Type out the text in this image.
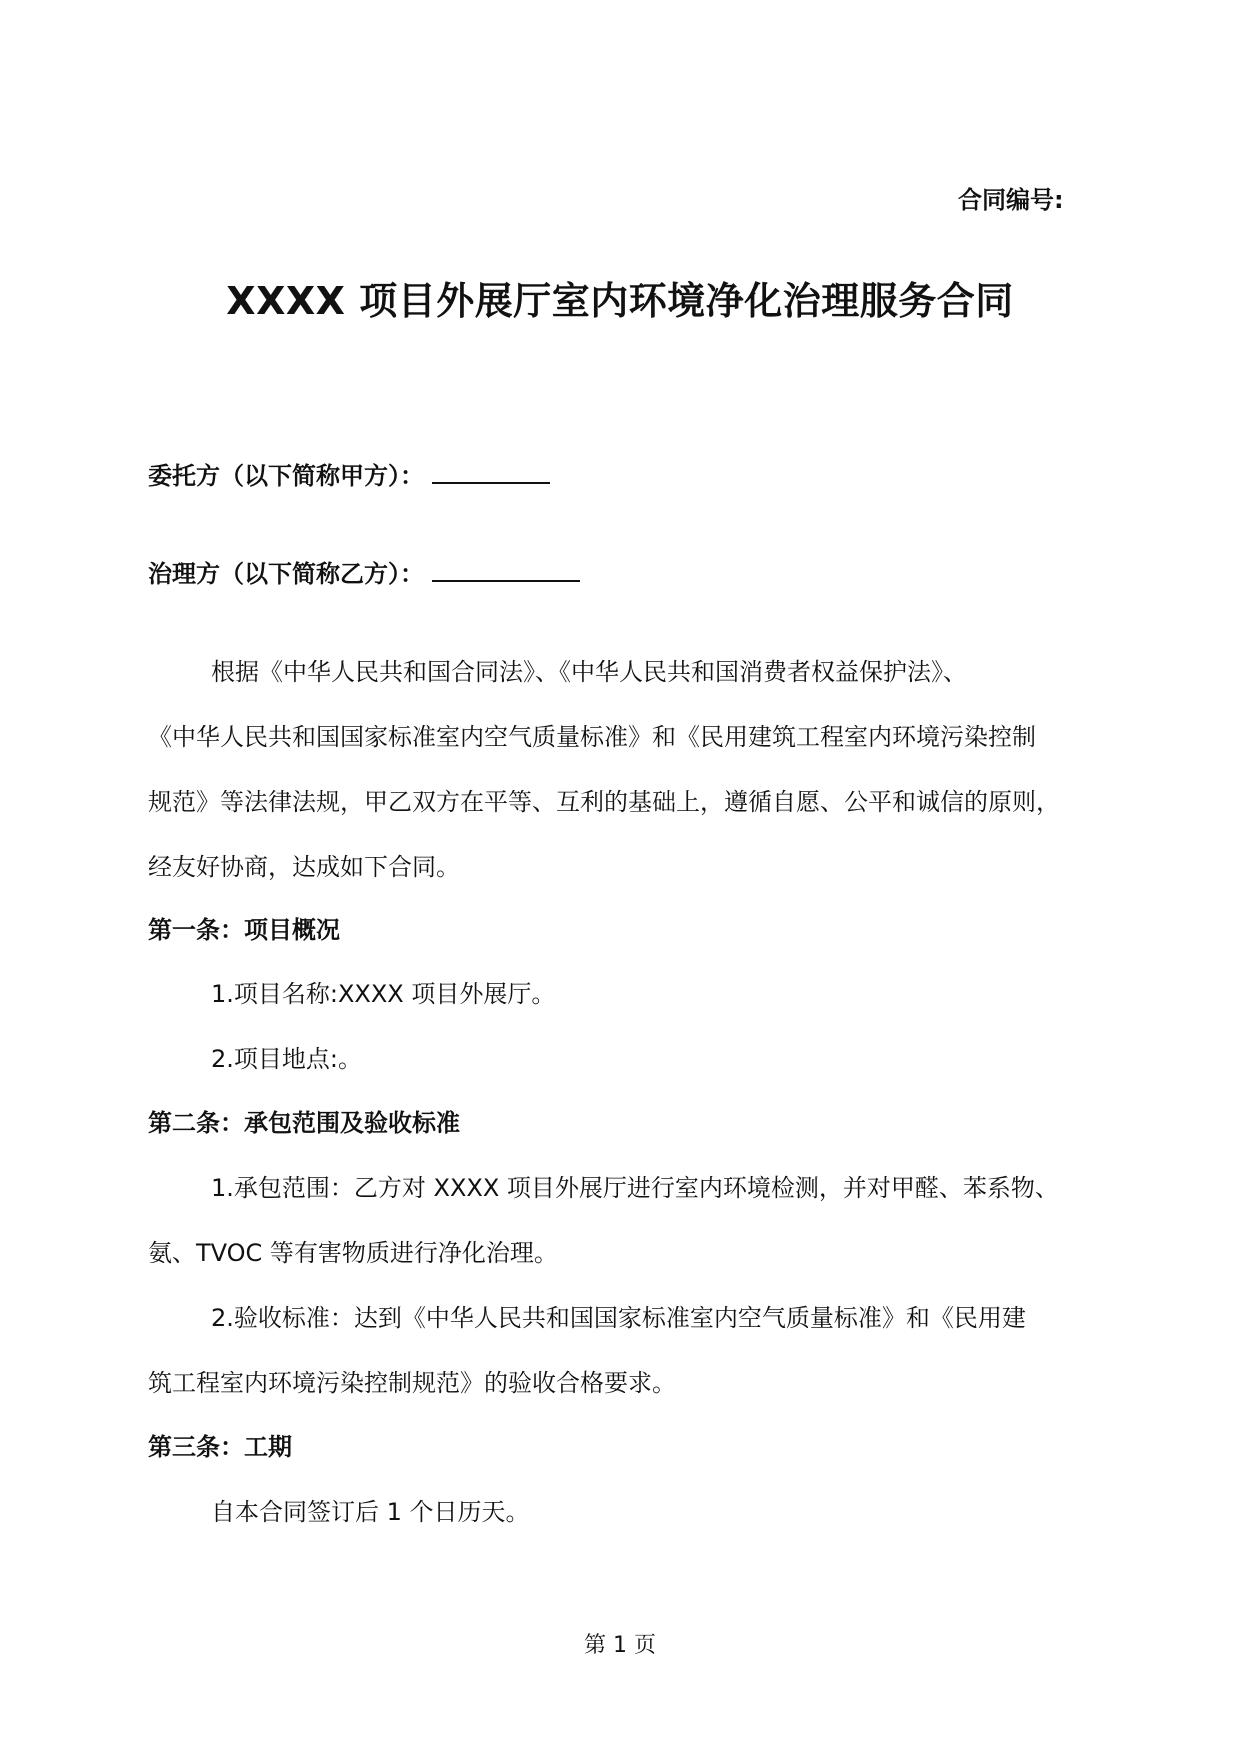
合同编号:
XXXX 项目外展厅室内环境净化治理服务合同
委托方（以下简称甲方）：
治理方（以下简称乙方）：
根据《中华人民共和国合同法》、《中华人民共和国消费者权益保护法》、
《中华人民共和国国家标准室内空气质量标准》和《民用建筑工程室内环境污染控制
规范》等法律法规，甲乙双方在平等、互利的基础上，遵循自愿、公平和诚信的原则，
经友好协商，达成如下合同。
第一条：项目概况
1.项目名称:XXXX 项目外展厅。
2.项目地点:。
第二条：承包范围及验收标准
1.承包范围：乙方对 XXXX 项目外展厅进行室内环境检测，并对甲醛、苯系物、
氨、TVOC 等有害物质进行净化治理。
2.验收标准：达到《中华人民共和国国家标准室内空气质量标准》和《民用建
筑工程室内环境污染控制规范》的验收合格要求。
第三条：工期
自本合同签订后 1 个日历天。
第 1 页
